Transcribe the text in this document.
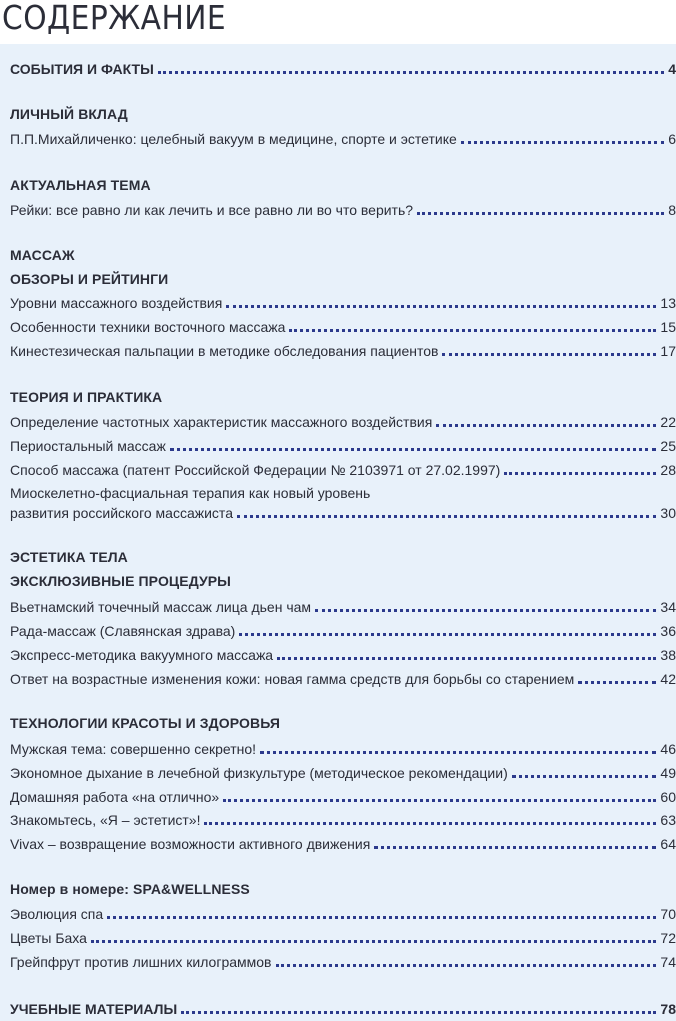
СОДЕРЖАНИЕ
СОБЫТИЯ И ФАКТЫ	4
ЛИЧНЫЙ ВКЛАД
П.П.Михайличенко: целебный вакуум в медицине, спорте и эстетике	6
АКТУАЛЬНАЯ ТЕМА
Рейки: все равно ли как лечить и все равно ли во что верить?	8
МАССАЖ
ОБЗОРЫ И РЕЙТИНГИ
Уровни массажного воздействия	13
Особенности техники восточного массажа	15
Кинестезическая пальпации в методике обследования пациентов	17
ТЕОРИЯ И ПРАКТИКА
Определение частотных характеристик массажного воздействия	22
Периостальный массаж	25
Способ массажа (патент Российской Федерации № 2103971 от 27.02.1997)	28
Миоскелетно-фасциальная терапия как новый уровень
развития российского массажиста	30
ЭСТЕТИКА ТЕЛА
ЭКСКЛЮЗИВНЫЕ ПРОЦЕДУРЫ
Вьетнамский точечный массаж лица дьен чам	34
Рада-массаж (Славянская здрава)	36
Экспресс-методика вакуумного массажа	38
Ответ на возрастные изменения кожи: новая гамма средств для борьбы со старением	42
ТЕХНОЛОГИИ КРАСОТЫ И ЗДОРОВЬЯ
Мужская тема: совершенно секретно!	46
Экономное дыхание в лечебной физкультуре (методическое рекомендации)	49
Домашняя работа «на отлично»	60
Знакомьтесь, «Я – эстетист»!	63
Vivax – возвращение возможности активного движения	64
Номер в номере: SPA&WELLNESS
Эволюция спа	70
Цветы Баха	72
Грейпфрут против лишних килограммов	74
УЧЕБНЫЕ МАТЕРИАЛЫ	78
